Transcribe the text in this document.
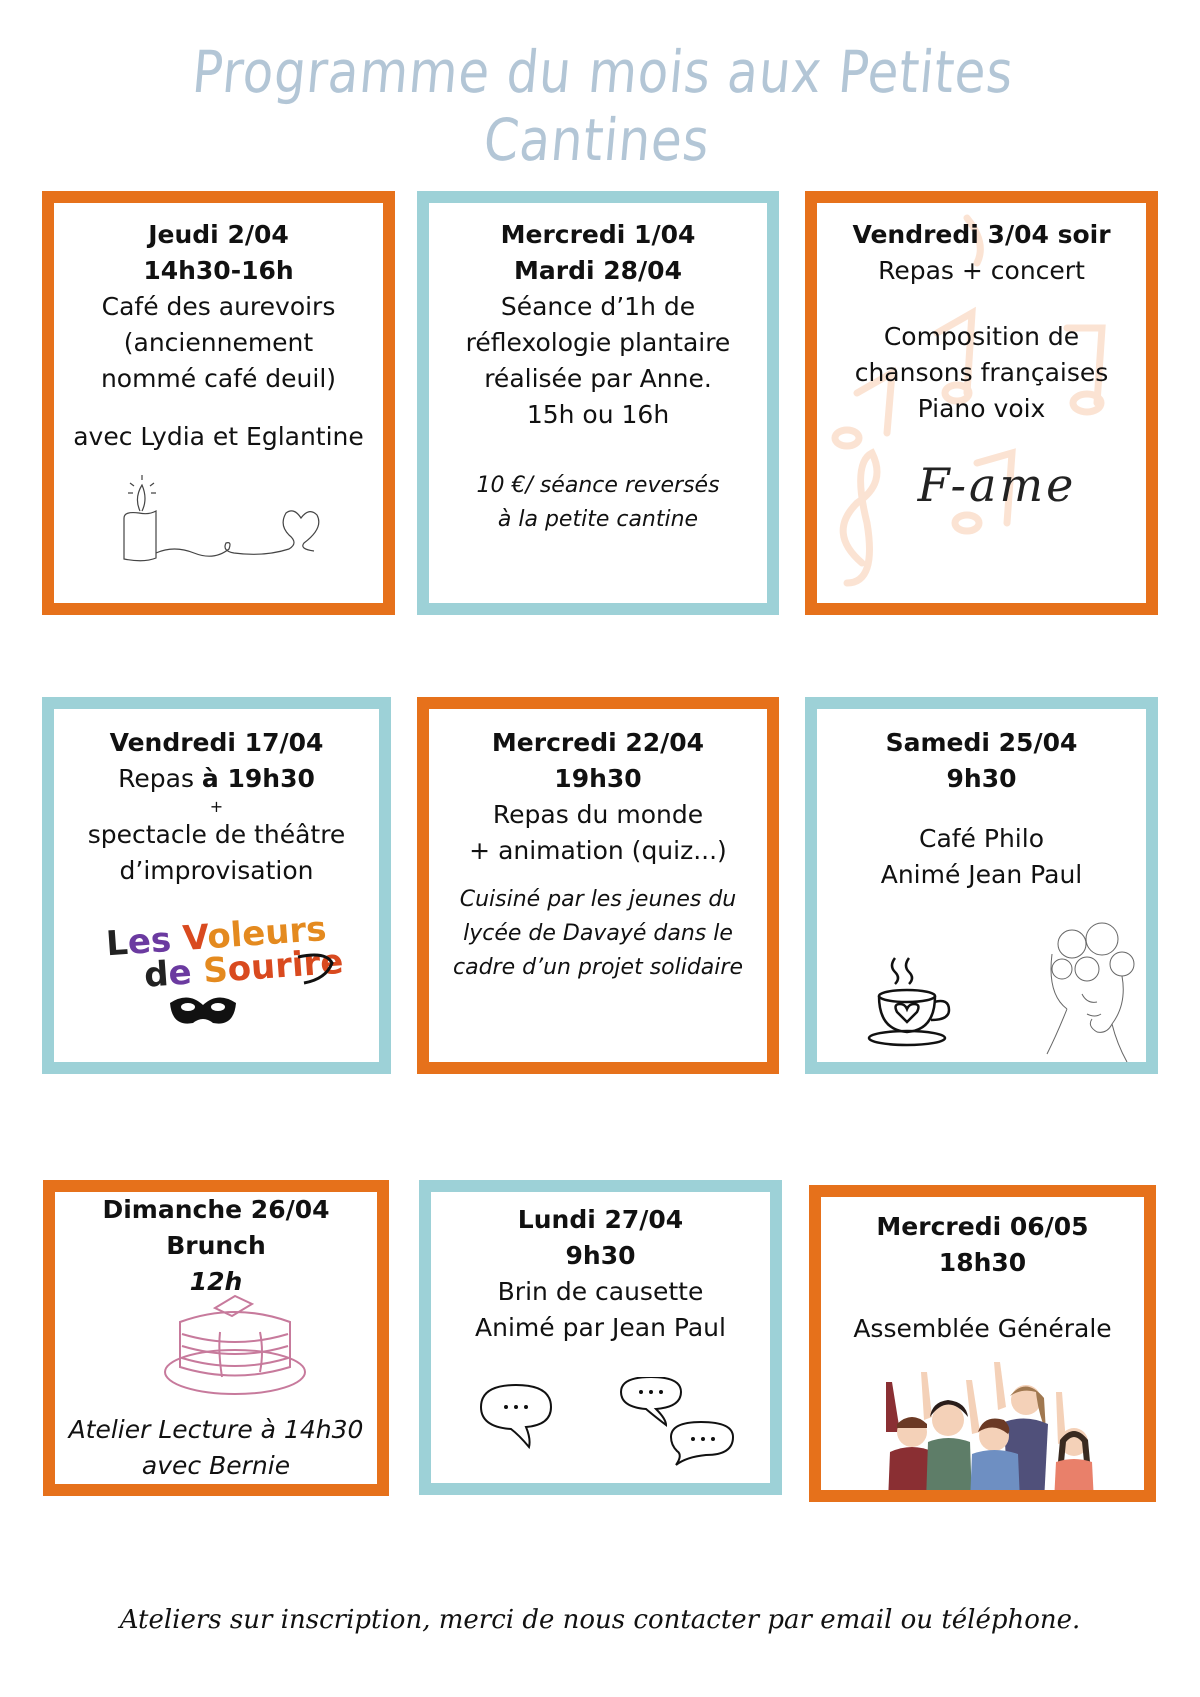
Programme du mois aux Petites Cantines
Jeudi 2/04
14h30-16h
Café des aurevoirs
(anciennement
nommé café deuil)
avec Lydia et Eglantine
Mercredi 1/04
Mardi 28/04
Séance d’1h de
réflexologie plantaire
réalisée par Anne.
15h ou 16h
10 €/ séance reversés
à la petite cantine
Vendredi 3/04 soir
Repas + concert
Composition de
chansons françaises
Piano voix
F-ame
Vendredi 17/04
Repas à 19h30
+
spectacle de théâtre
d’improvisation
Les Voleurs
de Sourire
Mercredi 22/04
19h30
Repas du monde
+ animation (quiz...)
Cuisiné par les jeunes du
lycée de Davayé dans le
cadre d’un projet solidaire
Samedi 25/04
9h30
Café Philo
Animé Jean Paul
Dimanche 26/04
Brunch
12h
Atelier Lecture à 14h30
avec Bernie
Lundi 27/04
9h30
Brin de causette
Animé par Jean Paul
Mercredi 06/05
18h30
Assemblée Générale
Ateliers sur inscription, merci de nous contacter par email ou téléphone.
